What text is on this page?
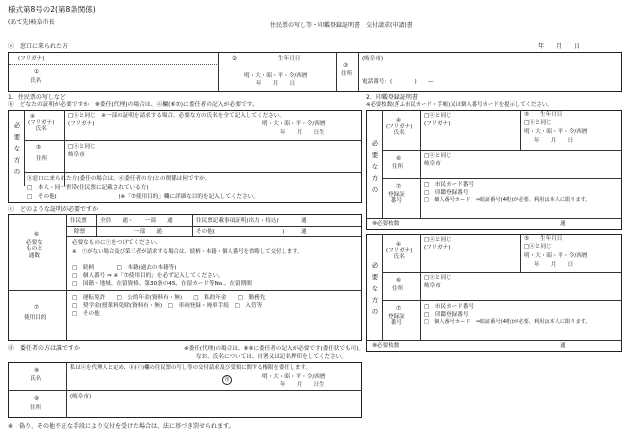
様式第8号の2(第8条関係)
(あて先)岐阜市長	住民票の写し等・印鑑登録証明書　交付請求(申請)書
ⓐ　窓口に来られた方	年　　月　　日
(フリガナ)
①
氏名
②	生年月日
明・大・昭・平・令/西暦
年　　月　　日
③
住所
(岐阜市)
電話番号：(　　　　)　　—
1．住民票の写しなど
ⓑ　どなたの証明が必要ですか　※委任(代理)の場合は、ⓐ欄(⑥⑦)に委任者の記入が必要です。
必要な方の
④
(フリガナ)
氏名
□ⓐと同じ　※一部の証明を請求する場合、必要な方の氏名を全て記入してください。
(フリガナ)	明・大・昭・平・令/西暦
年　　月　　日生
⑤
住所
□ⓐと同じ
岐阜市
ⓑ窓口に来られた方(委任の場合は、ⓓ委任者の方)との関係は何ですか。
□　本人・同一世帯(住民票に記載されている方)
□　その他(　　　　　　　　　　　)※「⑦使用目的」欄に詳細な目的を記入してください。
ⓒ　どのような証明が必要ですか
⑥
必要な
ものと
通数
住民票 全員　　通・　　一部　　通	住民票記載事項証明(出力・持込)　　　　通
除票	一部　　通	その他(　　　　　　　　　　　　)　　　通
必要なものにⓥをつけてください。
※　ⓥがない場合及び第三者が請求する場合は、続柄・本籍・個人番号を省略して交付します。
□　続柄　　　　□　本籍(過去の本籍等)
□　個人番号 ⇒ ※「⑦使用目的」を必ず記入してください。
□　国籍・地域、在留資格、第30条の45、在留カード等No.、在留期間
⑦
使用目的
□　運転免許　　□　公的年金(資料有・無)　　□　私的年金　　□　勤務先
□　奨学金(授業料免除(資料有・無)　□　車両登録・廃車手続　□　入管等
□　その他
ⓓ　委任者の方は誰ですか	※委任(代理)の場合は、⑧⑨に委任者の記入が必要です(委任状でも可)。
なお、氏名については、自署又は記名押印をしてください。
⑧
氏名
私はⓐを代理人と定め、ⓑ(ⓒ)欄の住民票の写し等の交付請求及び受領に関する権限を委任します。
印	明・大・昭・平・令/西暦
年　　月　　日生
⑨
住所
(岐阜市)
2．印鑑登録証明書
※必要枚数(ぎふ市民カード・手帳)又は個人番号カードを提示してください。
必要な方の
④
(フリガナ)
氏名
□ⓐと同じ
(フリガナ)
⑤ 生年月日
□ⓐと同じ
明・大・昭・平・令/西暦
年　　月　　日
⑥
住所
□ⓐと同じ
岐阜市
⑦
登録証
番号
□　市民カード番号
□　印鑑登録番号
□　個人番号カード　⇒暗証番号(4桁)が必要、利用は本人に限ります。
⑧必要枚数	通
必要な方の
④
(フリガナ)
氏名
□ⓐと同じ
(フリガナ)
⑤ 生年月日
□ⓐと同じ
明・大・昭・平・令/西暦
年　　月　　日
⑥
住所
□ⓐと同じ
岐阜市
⑦
登録証
番号
□　市民カード番号
□　印鑑登録番号
□　個人番号カード　⇒暗証番号(4桁)が必要、利用は本人に限ります。
⑧必要枚数	通
※　偽り、その他不正な手段により交付を受けた場合は、法に基づき罰せられます。
